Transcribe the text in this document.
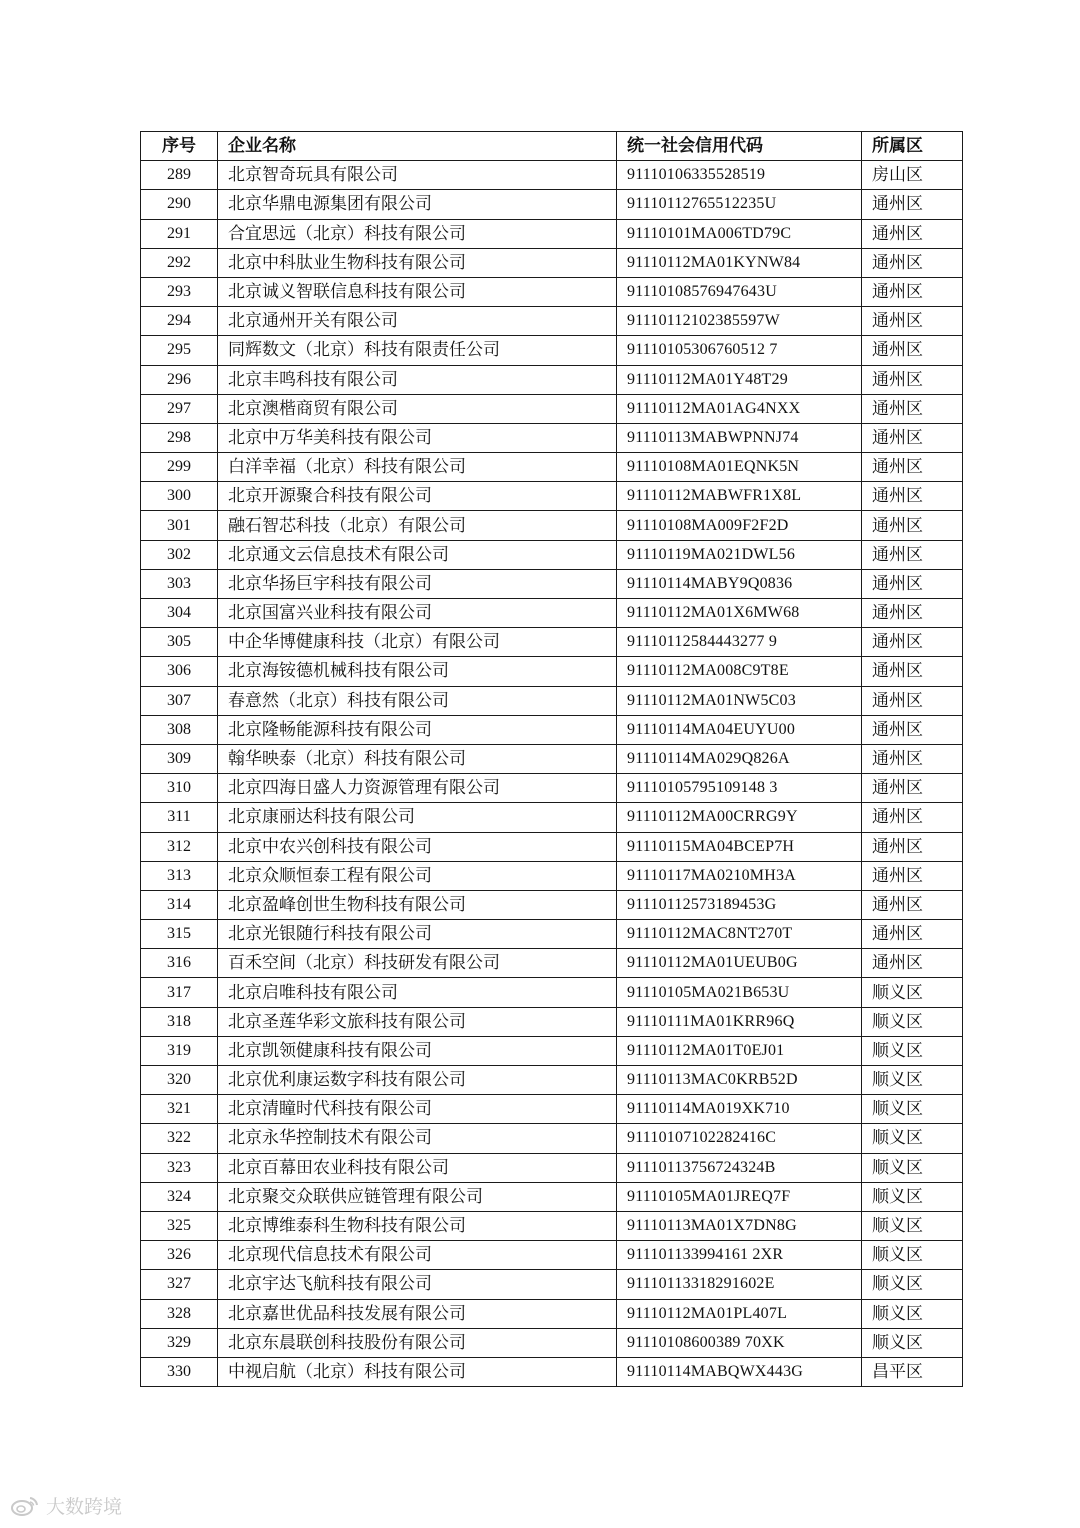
序号	企业名称	统一社会信用代码	所属区
289	北京智奇玩具有限公司	91110106335528519	房山区
290	北京华鼎电源集团有限公司	91110112765512235U	通州区
291	合宜思远（北京）科技有限公司	91110101MA006TD79C	通州区
292	北京中科肽业生物科技有限公司	91110112MA01KYNW84	通州区
293	北京诚义智联信息科技有限公司	91110108576947643U	通州区
294	北京通州开关有限公司	91110112102385597W	通州区
295	同辉数文（北京）科技有限责任公司	91110105306760512 7	通州区
296	北京丰鸣科技有限公司	91110112MA01Y48T29	通州区
297	北京澳楷商贸有限公司	91110112MA01AG4NXX	通州区
298	北京中万华美科技有限公司	91110113MABWPNNJ74	通州区
299	白洋幸福（北京）科技有限公司	91110108MA01EQNK5N	通州区
300	北京开源聚合科技有限公司	91110112MABWFR1X8L	通州区
301	融石智芯科技（北京）有限公司	91110108MA009F2F2D	通州区
302	北京通文云信息技术有限公司	91110119MA021DWL56	通州区
303	北京华扬巨宇科技有限公司	91110114MABY9Q0836	通州区
304	北京国富兴业科技有限公司	91110112MA01X6MW68	通州区
305	中企华博健康科技（北京）有限公司	91110112584443277 9	通州区
306	北京海铵德机械科技有限公司	91110112MA008C9T8E	通州区
307	春意然（北京）科技有限公司	91110112MA01NW5C03	通州区
308	北京隆畅能源科技有限公司	91110114MA04EUYU00	通州区
309	翰华映泰（北京）科技有限公司	91110114MA029Q826A	通州区
310	北京四海日盛人力资源管理有限公司	91110105795109148 3	通州区
311	北京康丽达科技有限公司	91110112MA00CRRG9Y	通州区
312	北京中农兴创科技有限公司	91110115MA04BCEP7H	通州区
313	北京众顺恒泰工程有限公司	91110117MA0210MH3A	通州区
314	北京盈峰创世生物科技有限公司	91110112573189453G	通州区
315	北京光银随行科技有限公司	91110112MAC8NT270T	通州区
316	百禾空间（北京）科技研发有限公司	91110112MA01UEUB0G	通州区
317	北京启唯科技有限公司	91110105MA021B653U	顺义区
318	北京圣莲华彩文旅科技有限公司	91110111MA01KRR96Q	顺义区
319	北京凯领健康科技有限公司	91110112MA01T0EJ01	顺义区
320	北京优利康运数字科技有限公司	91110113MAC0KRB52D	顺义区
321	北京清瞳时代科技有限公司	91110114MA019XK710	顺义区
322	北京永华控制技术有限公司	91110107102282416C	顺义区
323	北京百幕田农业科技有限公司	91110113756724324B	顺义区
324	北京聚交众联供应链管理有限公司	91110105MA01JREQ7F	顺义区
325	北京博维泰科生物科技有限公司	91110113MA01X7DN8G	顺义区
326	北京现代信息技术有限公司	911101133994161 2XR	顺义区
327	北京宇达飞航科技有限公司	91110113318291602E	顺义区
328	北京嘉世优品科技发展有限公司	91110112MA01PL407L	顺义区
329	北京东晨联创科技股份有限公司	91110108600389 70XK	顺义区
330	中视启航（北京）科技有限公司	91110114MABQWX443G	昌平区
大数跨境
